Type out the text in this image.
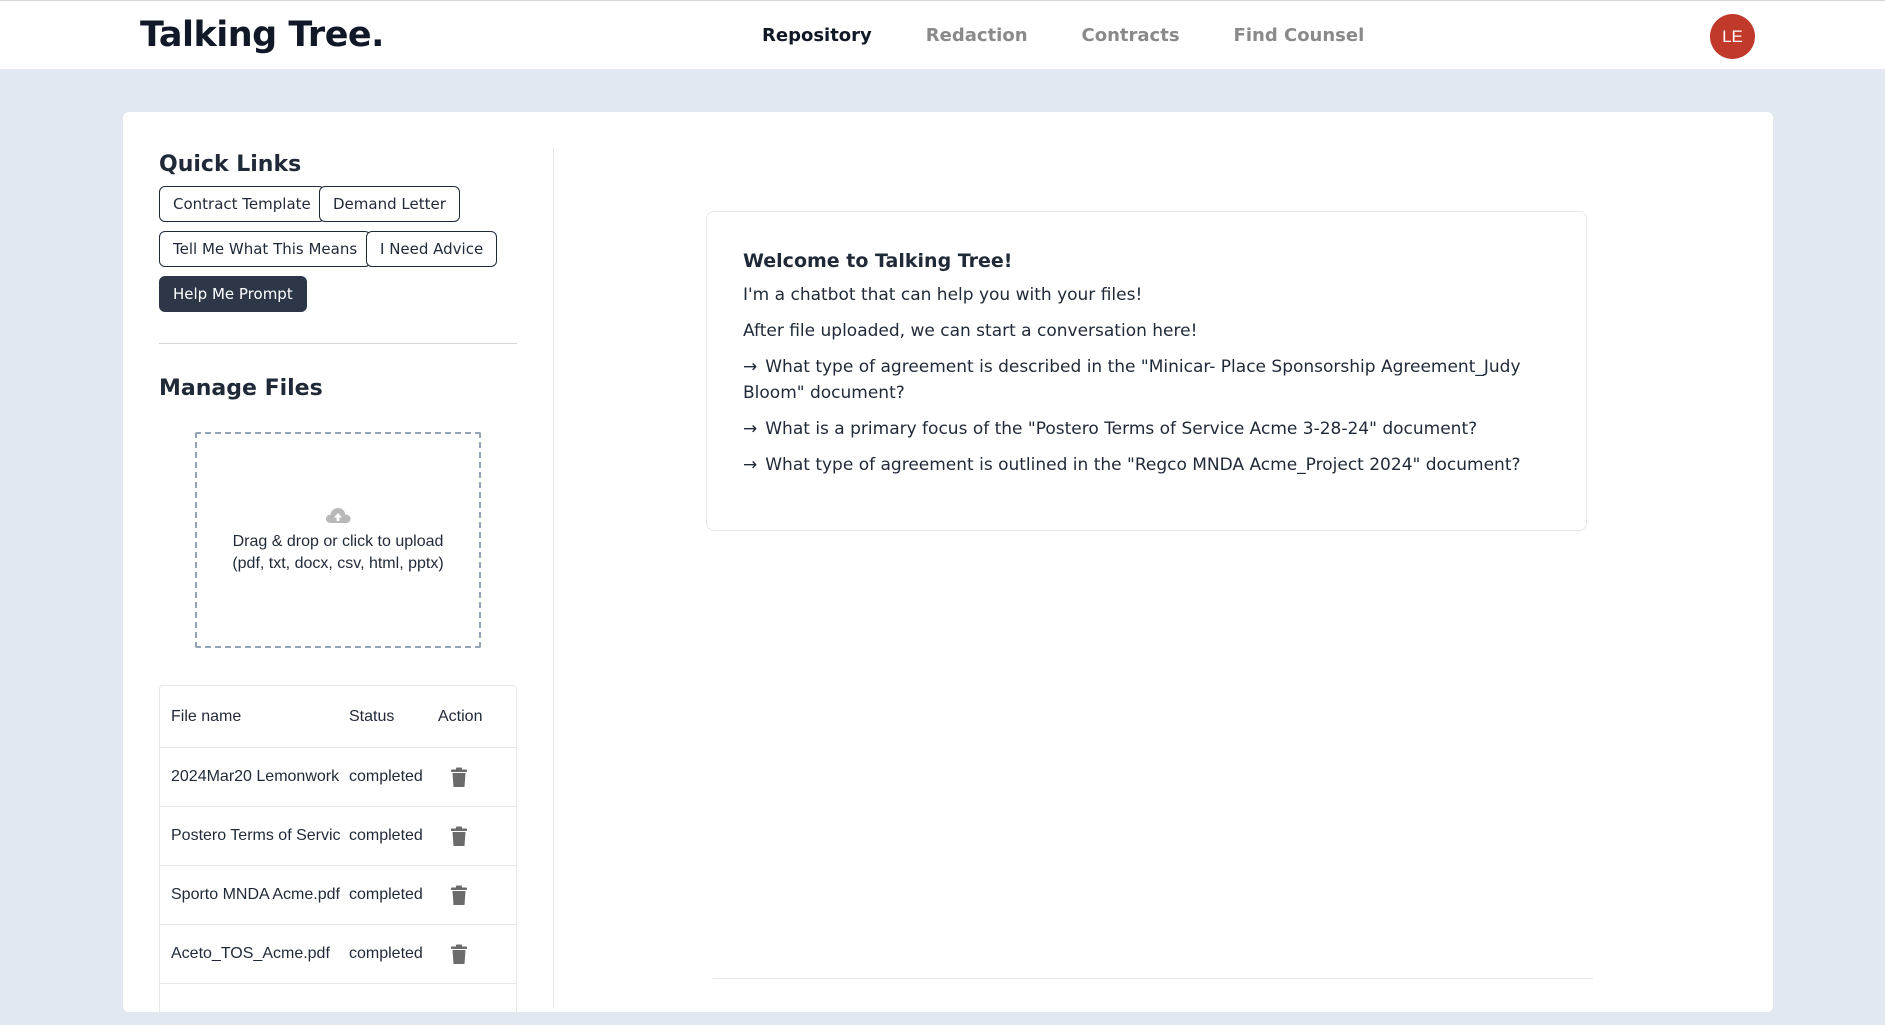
Talking Tree.	Repository	Redaction	Contracts	Find Counsel	LE
Quick Links
Contract Template	Demand Letter
Tell Me What This Means	I Need Advice
Help Me Prompt
Manage Files
Drag & drop or click to upload
(pdf, txt, docx, csv, html, pptx)
File name	Status	Action
2024Mar20 Lemonwork completed
Postero Terms of Servic completed
Sporto MNDA Acme.pdf completed
Aceto_TOS_Acme.pdf	completed
Welcome to Talking Tree!

I'm a chatbot that can help you with your files!

After file uploaded, we can start a conversation here!

→ What type of agreement is described in the "Minicar- Place Sponsorship Agreement_Judy Bloom" document?
→ What is a primary focus of the "Postero Terms of Service Acme 3-28-24" document?
→ What type of agreement is outlined in the "Regco MNDA Acme_Project 2024" document?
